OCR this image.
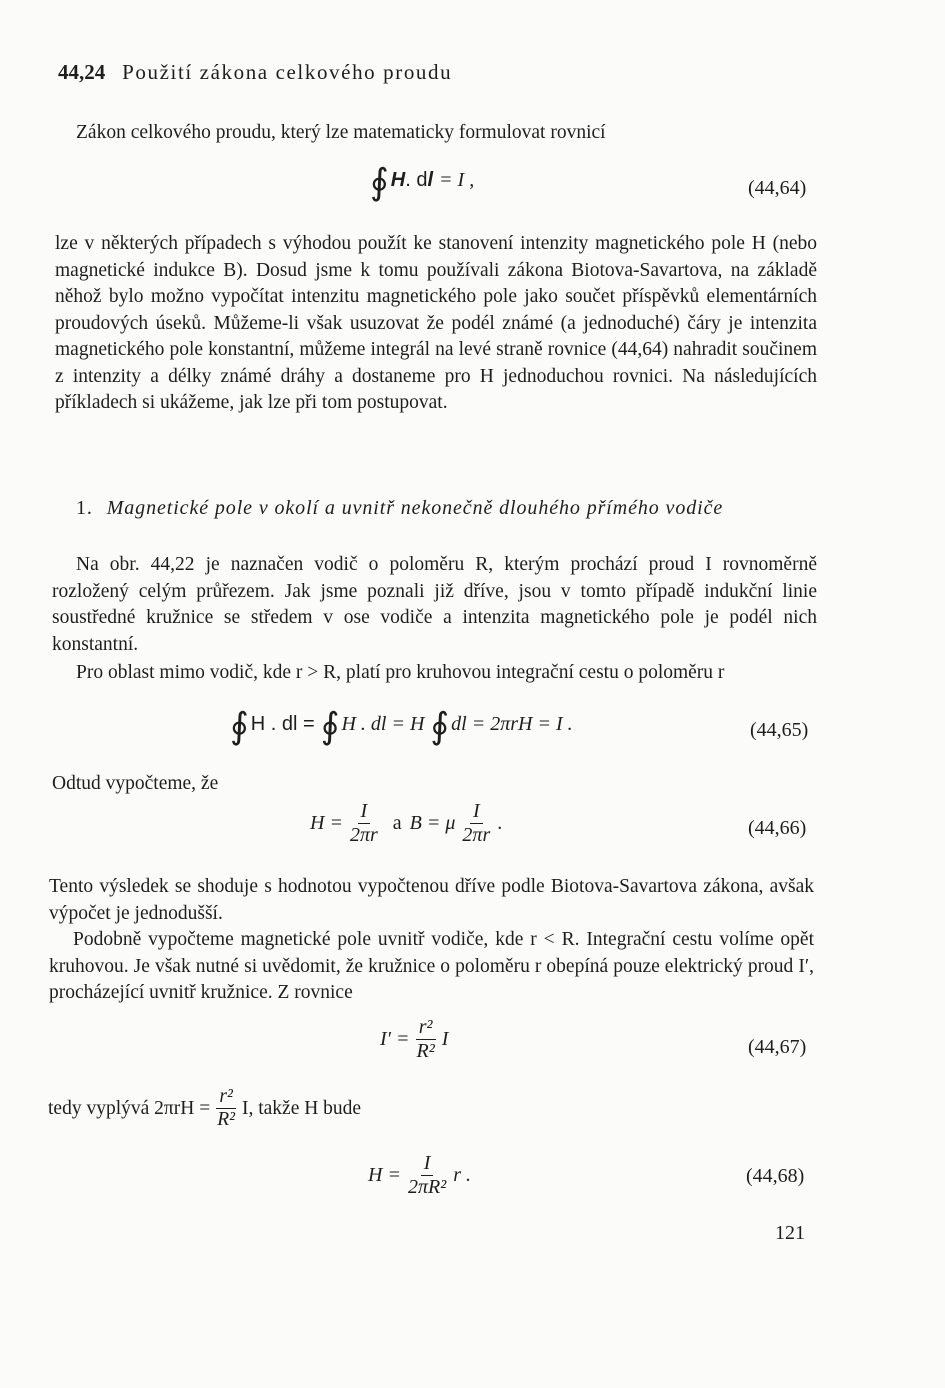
44,24 Použití zákona celkového proudu
Zákon celkového proudu, který lze matematicky formulovat rovnicí
∮ H . d l = I ,	(44,64)
lze v některých případech s výhodou použít ke stanovení intenzity magnetického pole H (nebo magnetické indukce B). Dosud jsme k tomu používali zákona Biotova-Savartova, na základě něhož bylo možno vypočítat intenzitu magnetického pole jako součet příspěvků elementárních proudových úseků. Můžeme-li však usuzovat že podél známé (a jednoduché) čáry je intenzita magnetického pole konstantní, můžeme integrál na levé straně rovnice (44,64) nahradit součinem z intenzity a délky známé dráhy a dostaneme pro H jednoduchou rovnici. Na následujících příkladech si ukážeme, jak lze při tom postupovat.
1. Magnetické pole v okolí a uvnitř nekonečně dlouhého přímého vodiče
Na obr. 44,22 je naznačen vodič o poloměru R, kterým prochází proud I rovnoměrně rozložený celým průřezem. Jak jsme poznali již dříve, jsou v tomto případě indukční linie soustředné kružnice se středem v ose vodiče a intenzita magnetického pole je podél nich konstantní.
Pro oblast mimo vodič, kde r > R, platí pro kruhovou integrační cestu o poloměru r
∮ H . dl = ∮ H . dl = H ∮ dl = 2πrH = I .	(44,65)
Odtud vypočteme, že
$H = \frac{I}{2\pi r}$ a B = μ $\frac{I}{2\pi r}$ .	(44,66)
Tento výsledek se shoduje s hodnotou vypočtenou dříve podle Biotova-Savartova zákona, avšak výpočet je jednodušší.
Podobně vypočteme magnetické pole uvnitř vodiče, kde r < R. Integrační cestu volíme opět kruhovou. Je však nutné si uvědomit, že kružnice o poloměru r obepíná pouze elektrický proud I′, procházející uvnitř kružnice. Z rovnice
$I' = \frac{\text{r²}}{\text{R²}}$ I	(44,67)
tedy vyplývá $2\pi rH = \frac{\text{r²}}{\text{R²}} I$, takže H bude
$H = \frac{I}{\text{2πR²}}$ r .	(44,68)
121
